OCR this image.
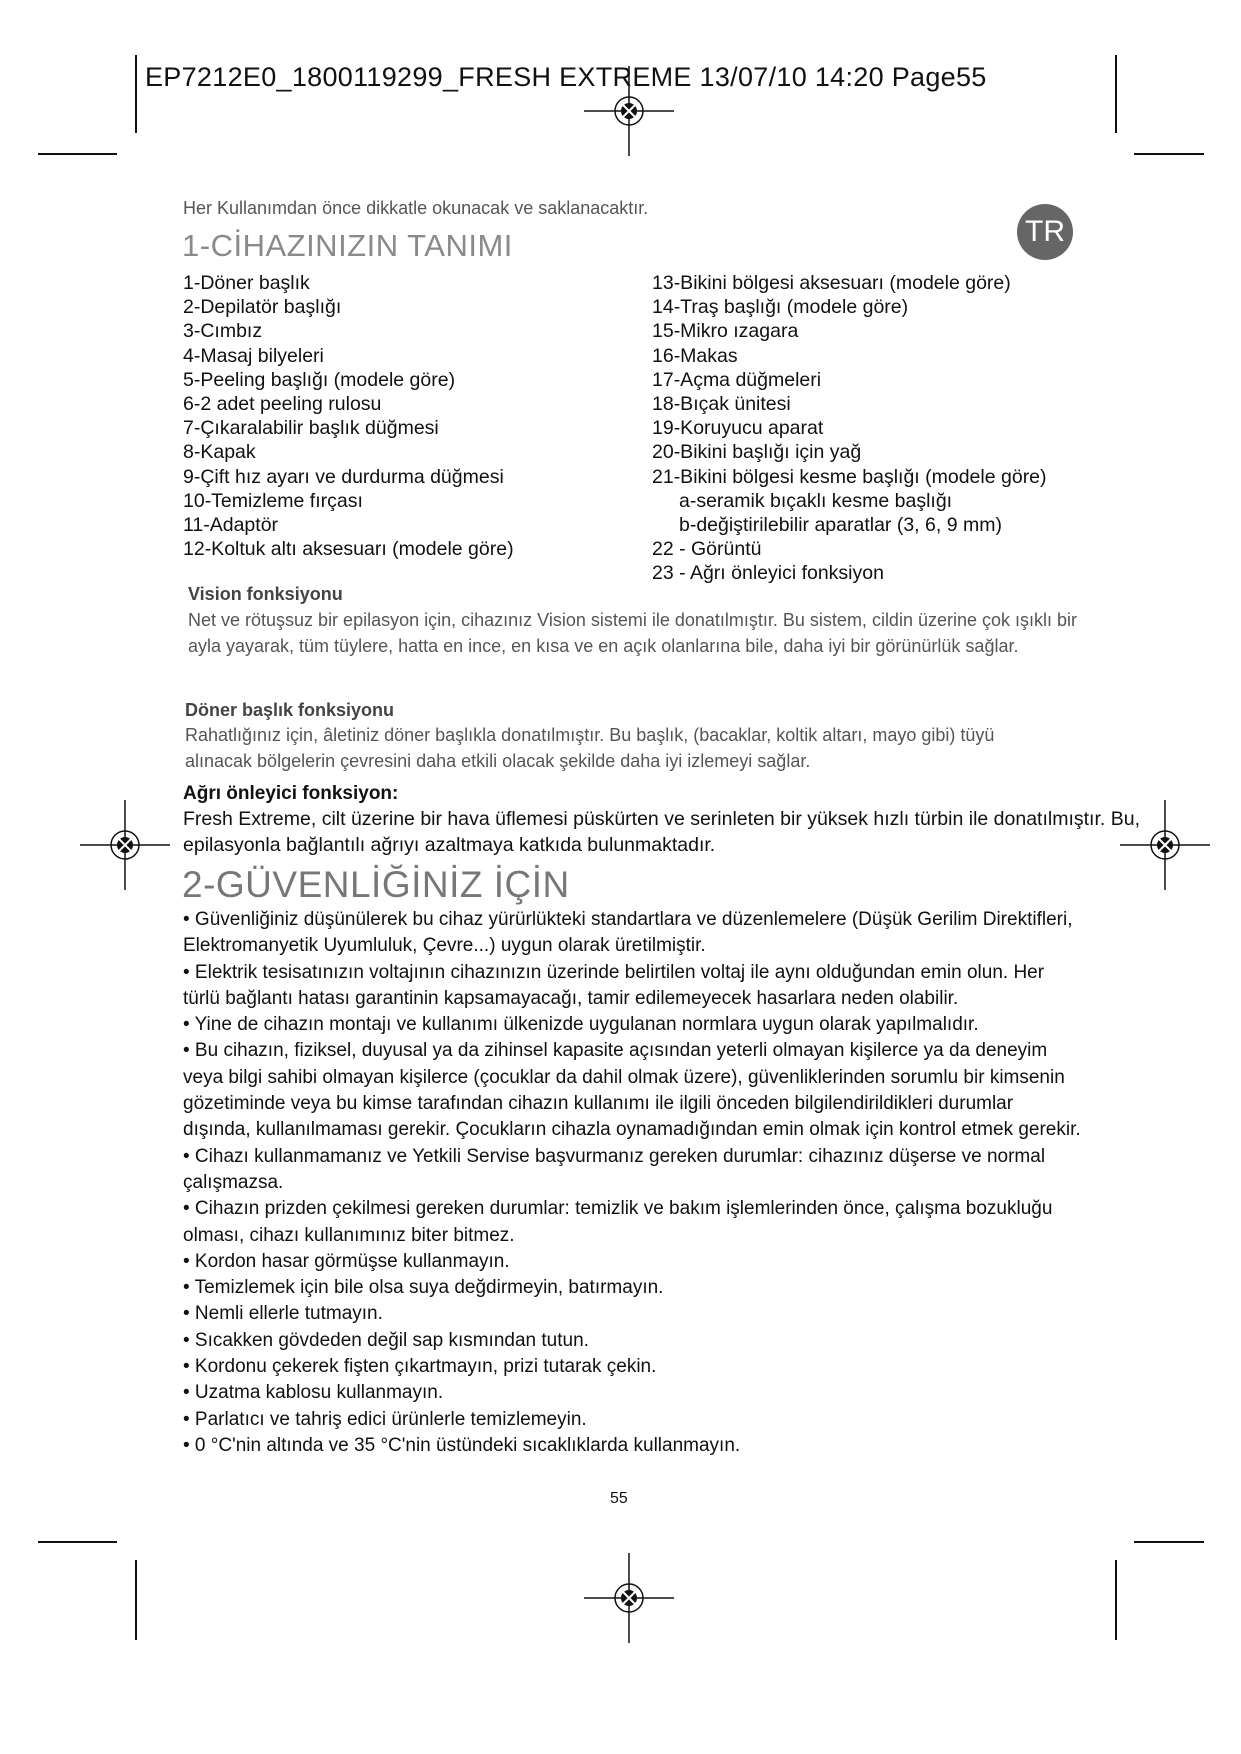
EP7212E0_1800119299_FRESH EXTREME 13/07/10 14:20 Page55
Her Kullanımdan önce dikkatle okunacak ve saklanacaktır.
1-CİHAZINIZIN TANIMI	TR
1-Döner başlık
2-Depilatör başlığı
3-Cımbız
4-Masaj bilyeleri
5-Peeling başlığı (modele göre)
6-2 adet peeling rulosu
7-Çıkaralabilir başlık düğmesi
8-Kapak
9-Çift hız ayarı ve durdurma düğmesi
10-Temizleme fırçası
11-Adaptör
12-Koltuk altı aksesuarı (modele göre)
13-Bikini bölgesi aksesuarı (modele göre)
14-Traş başlığı (modele göre)
15-Mikro ızagara
16-Makas
17-Açma düğmeleri
18-Bıçak ünitesi
19-Koruyucu aparat
20-Bikini başlığı için yağ
21-Bikini bölgesi kesme başlığı (modele göre)
a-seramik bıçaklı kesme başlığı
b-değiştirilebilir aparatlar (3, 6, 9 mm)
22 - Görüntü
23 - Ağrı önleyici fonksiyon
Vision fonksiyonu
Net ve rötuşsuz bir epilasyon için, cihazınız Vision sistemi ile donatılmıştır. Bu sistem, cildin üzerine çok ışıklı bir ayla yayarak, tüm tüylere, hatta en ince, en kısa ve en açık olanlarına bile, daha iyi bir görünürlük sağlar.
Döner başlık fonksiyonu
Rahatlığınız için, âletiniz döner başlıkla donatılmıştır. Bu başlık, (bacaklar, koltik altarı, mayo gibi) tüyü alınacak bölgelerin çevresini daha etkili olacak şekilde daha iyi izlemeyi sağlar.
Ağrı önleyici fonksiyon:
Fresh Extreme, cilt üzerine bir hava üflemesi püskürten ve serinleten bir yüksek hızlı türbin ile donatılmıştır. Bu, epilasyonla bağlantılı ağrıyı azaltmaya katkıda bulunmaktadır.
2-GÜVENLİĞİNİZ İÇİN

• Güvenliğiniz düşünülerek bu cihaz yürürlükteki standartlara ve düzenlemelere (Düşük Gerilim Direktifleri, Elektromanyetik Uyumluluk, Çevre...) uygun olarak üretilmiştir.

• Elektrik tesisatınızın voltajının cihazınızın üzerinde belirtilen voltaj ile aynı olduğundan emin olun. Her türlü bağlantı hatası garantinin kapsamayacağı, tamir edilemeyecek hasarlara neden olabilir.

• Yine de cihazın montajı ve kullanımı ülkenizde uygulanan normlara uygun olarak yapılmalıdır.

• Bu cihazın, fiziksel, duyusal ya da zihinsel kapasite açısından yeterli olmayan kişilerce ya da deneyim veya bilgi sahibi olmayan kişilerce (çocuklar da dahil olmak üzere), güvenliklerinden sorumlu bir kimsenin gözetiminde veya bu kimse tarafından cihazın kullanımı ile ilgili önceden bilgilendirildikleri durumlar dışında, kullanılmaması gerekir. Çocukların cihazla oynamadığından emin olmak için kontrol etmek gerekir.

• Cihazı kullanmamanız ve Yetkili Servise başvurmanız gereken durumlar: cihazınız düşerse ve normal çalışmazsa.

• Cihazın prizden çekilmesi gereken durumlar: temizlik ve bakım işlemlerinden önce, çalışma bozukluğu olması, cihazı kullanımınız biter bitmez.

• Kordon hasar görmüşse kullanmayın.

• Temizlemek için bile olsa suya değdirmeyin, batırmayın.

• Nemli ellerle tutmayın.

• Sıcakken gövdeden değil sap kısmından tutun.

• Kordonu çekerek fişten çıkartmayın, prizi tutarak çekin.

• Uzatma kablosu kullanmayın.

• Parlatıcı ve tahriş edici ürünlerle temizlemeyin.

• 0 °C'nin altında ve 35 °C'nin üstündeki sıcaklıklarda kullanmayın.

55
